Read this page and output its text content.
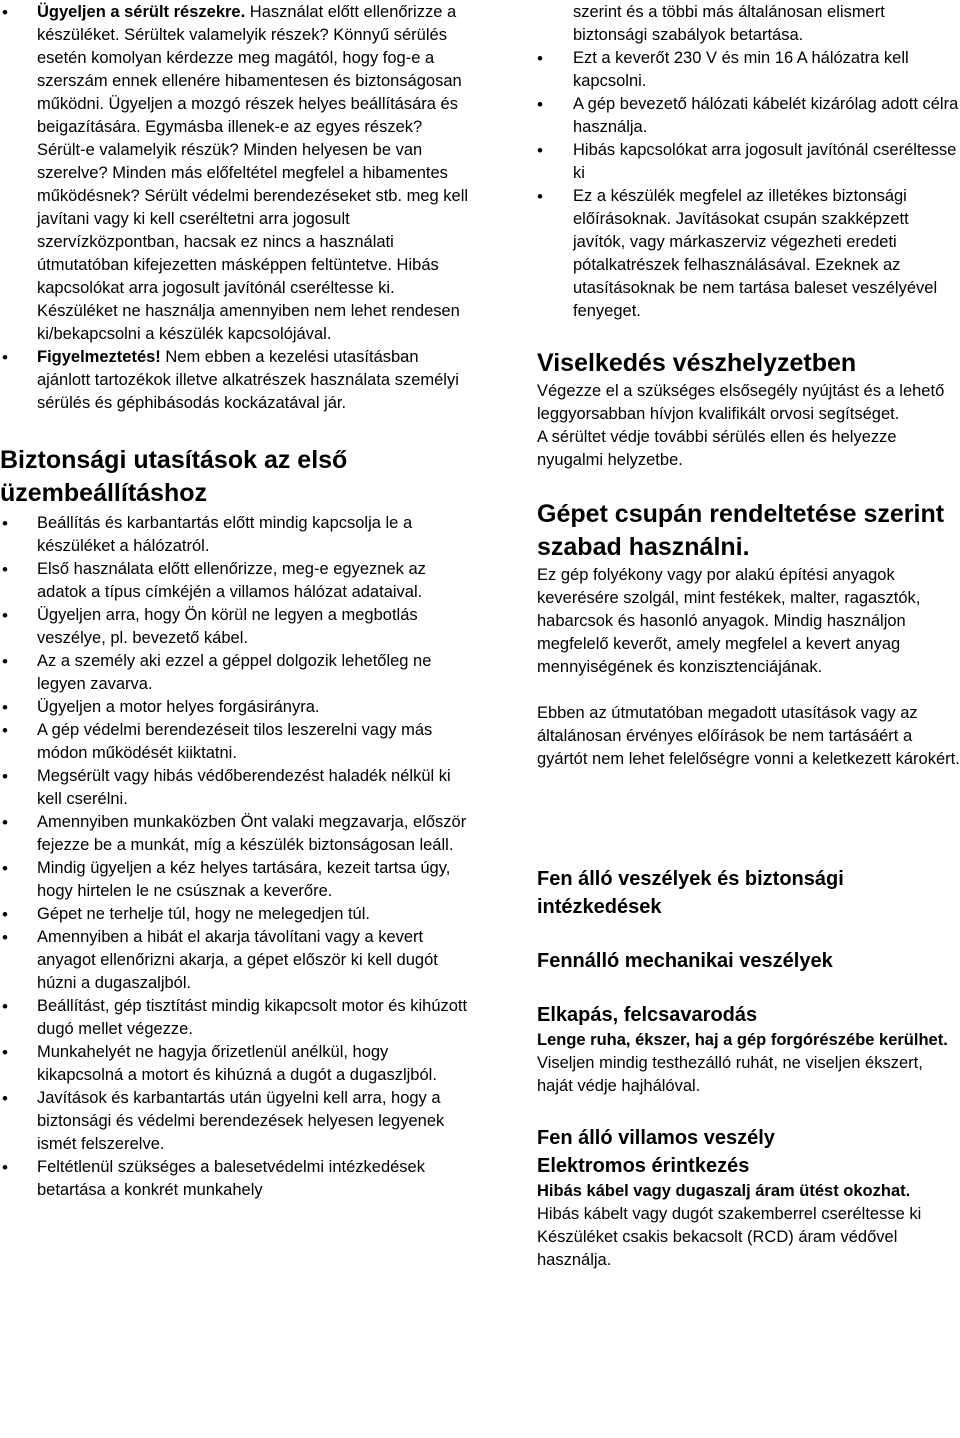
• Ügyeljen a sérült részekre. Használat előtt ellenőrizze a készüléket. Sérültek valamelyik részek? Könnyű sérülés esetén komolyan kérdezze meg magától, hogy fog-e a szerszám ennek ellenére hibamentesen és biztonságosan működni. Ügyeljen a mozgó részek helyes beállítására és beigazítására. Egymásba illenek-e az egyes részek? Sérült-e valamelyik részük? Minden helyesen be van szerelve? Minden más előfeltétel megfelel a hibamentes működésnek? Sérült védelmi berendezéseket stb. meg kell javítani vagy ki kell cseréltetni arra jogosult szervízközpontban, hacsak ez nincs a használati útmutatóban kifejezetten másképpen feltüntetve. Hibás kapcsolókat arra jogosult javítónál cseréltesse ki. Készüléket ne használja amennyiben nem lehet rendesen ki/bekapcsolni a készülék kapcsolójával.
• Figyelmeztetés! Nem ebben a kezelési utasításban ajánlott tartozékok illetve alkatrészek használata személyi sérülés és géphibásodás kockázatával jár.
Biztonsági utasítások az első üzembeállításhoz
• Beállítás és karbantartás előtt mindig kapcsolja le a készüléket a hálózatról.
• Első használata előtt ellenőrizze, meg-e egyeznek az adatok a típus címkéjén a villamos hálózat adataival.
• Ügyeljen arra, hogy Ön körül ne legyen a megbotlás veszélye, pl. bevezető kábel.
• Az a személy aki ezzel a géppel dolgozik lehetőleg ne legyen zavarva.
• Ügyeljen a motor helyes forgásirányra.
• A gép védelmi berendezéseit tilos leszerelni vagy más módon működését kiiktatni.
• Megsérült vagy hibás védőberendezést haladék nélkül ki kell cserélni.
• Amennyiben munkaközben Önt valaki megzavarja, először fejezze be a munkát, míg a készülék biztonságosan leáll.
• Mindig ügyeljen a kéz helyes tartására, kezeit tartsa úgy, hogy hirtelen le ne csúsznak a keverőre.
• Gépet ne terhelje túl, hogy ne melegedjen túl.
• Amennyiben a hibát el akarja távolítani vagy a kevert anyagot ellenőrizni akarja, a gépet először ki kell dugót húzni a dugaszaljból.
• Beállítást, gép tisztítást mindig kikapcsolt motor és kihúzott dugó mellet végezze.
• Munkahelyét ne hagyja őrizetlenül anélkül, hogy kikapcsolná a motort és kihúzná a dugót a dugaszljból.
• Javítások és karbantartás után ügyelni kell arra, hogy a biztonsági és védelmi berendezések helyesen legyenek ismét felszerelve.
• Feltétlenül szükséges a balesetvédelmi intézkedések betartása a konkrét munkahely

szerint és a többi más általánosan elismert biztonsági szabályok betartása.

• Ezt a keverőt 230 V és min 16 A hálózatra kell kapcsolni.
• A gép bevezető hálózati kábelét kizárólag adott célra használja.
• Hibás kapcsolókat arra jogosult javítónál cseréltesse ki
• Ez a készülék megfelel az illetékes biztonsági előírásoknak. Javításokat csupán szakképzett javítók, vagy márkaszerviz végezheti eredeti pótalkatrészek felhasználásával. Ezeknek az utasításoknak be nem tartása baleset veszélyével fenyeget.
Viselkedés vészhelyzetben

Végezze el a szükséges elsősegély nyújtást és a lehető leggyorsabban hívjon kvalifikált orvosi segítséget.

A sérültet védje további sérülés ellen és helyezze nyugalmi helyzetbe.

Gépet csupán rendeltetése szerint szabad használni.

Ez gép folyékony vagy por alakú építési anyagok keverésére szolgál, mint festékek, malter, ragasztók, habarcsok és hasonló anyagok. Mindig használjon megfelelő keverőt, amely megfelel a kevert anyag mennyiségének és konzisztenciájának.

Ebben az útmutatóban megadott utasítások vagy az általánosan érvényes előírások be nem tartásáért a gyártót nem lehet felelőségre vonni a keletkezett károkért.

Fen álló veszélyek és biztonsági intézkedések
Fennálló mechanikai veszélyek
Elkapás, felcsavarodás

Lenge ruha, ékszer, haj a gép forgórészébe kerülhet.

Viseljen mindig testhezálló ruhát, ne viseljen ékszert, haját védje hajhálóval.

Fen álló villamos veszély
Elektromos érintkezés

Hibás kábel vagy dugaszalj áram ütést okozhat.

Hibás kábelt vagy dugót szakemberrel cseréltesse ki Készüléket csakis bekacsolt (RCD) áram védővel használja.
